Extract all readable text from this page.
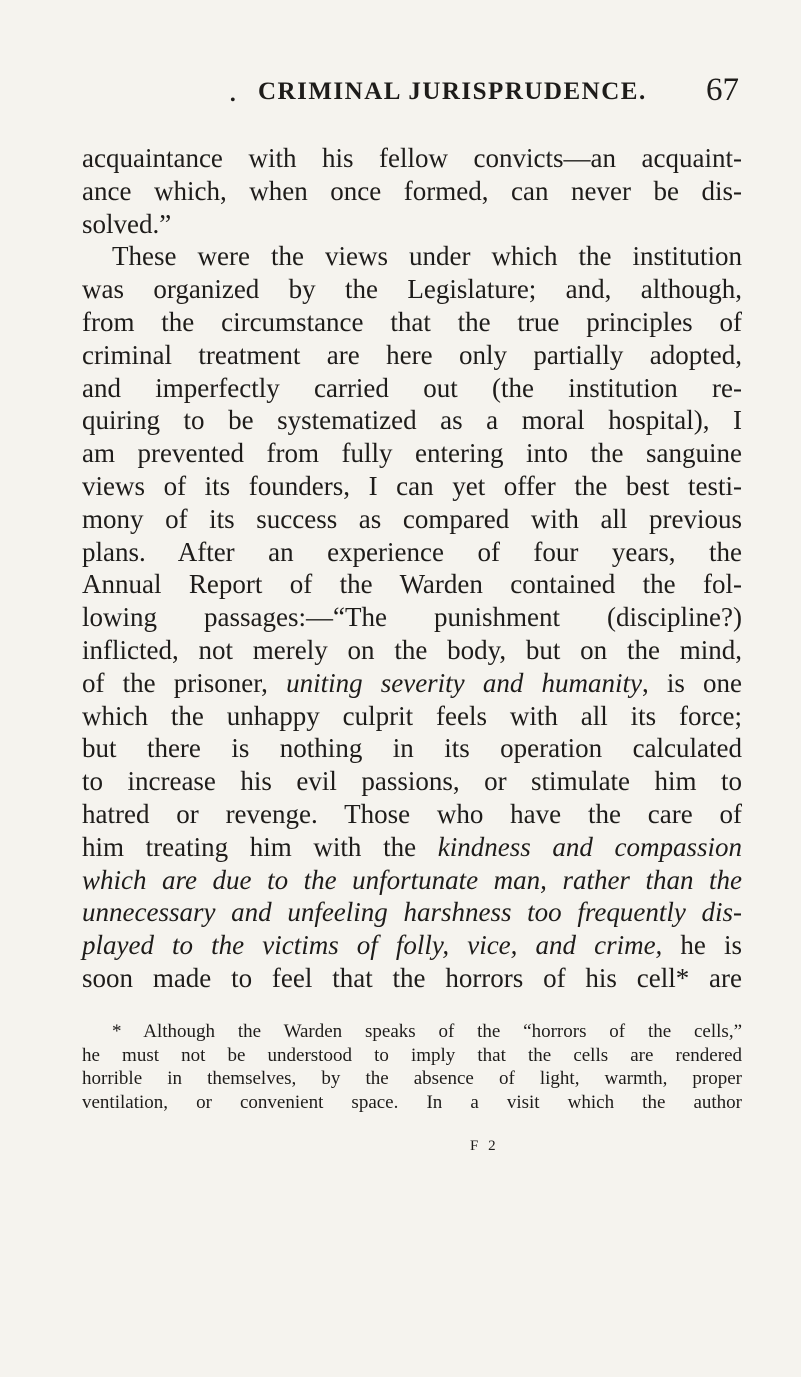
• CRIMINAL JURISPRUDENCE. 67
acquaintance with his fellow convicts—an acquaint-
ance which, when once formed, can never be dis-
solved.”
These were the views under which the institution
was organized by the Legislature; and, although,
from the circumstance that the true principles of
criminal treatment are here only partially adopted,
and imperfectly carried out (the institution re-
quiring to be systematized as a moral hospital), I
am prevented from fully entering into the sanguine
views of its founders, I can yet offer the best testi-
mony of its success as compared with all previous
plans. After an experience of four years, the
Annual Report of the Warden contained the fol-
lowing passages:—“The punishment (discipline?)
inflicted, not merely on the body, but on the mind,
of the prisoner, uniting severity and humanity, is one
which the unhappy culprit feels with all its force;
but there is nothing in its operation calculated
to increase his evil passions, or stimulate him to
hatred or revenge. Those who have the care of
him treating him with the kindness and compassion
which are due to the unfortunate man, rather than the
unnecessary and unfeeling harshness too frequently dis-
played to the victims of folly, vice, and crime, he is
soon made to feel that the horrors of his cell* are
* Although the Warden speaks of the “horrors of the cells,”
he must not be understood to imply that the cells are rendered
horrible in themselves, by the absence of light, warmth, proper
ventilation, or convenient space. In a visit which the author
F 2
